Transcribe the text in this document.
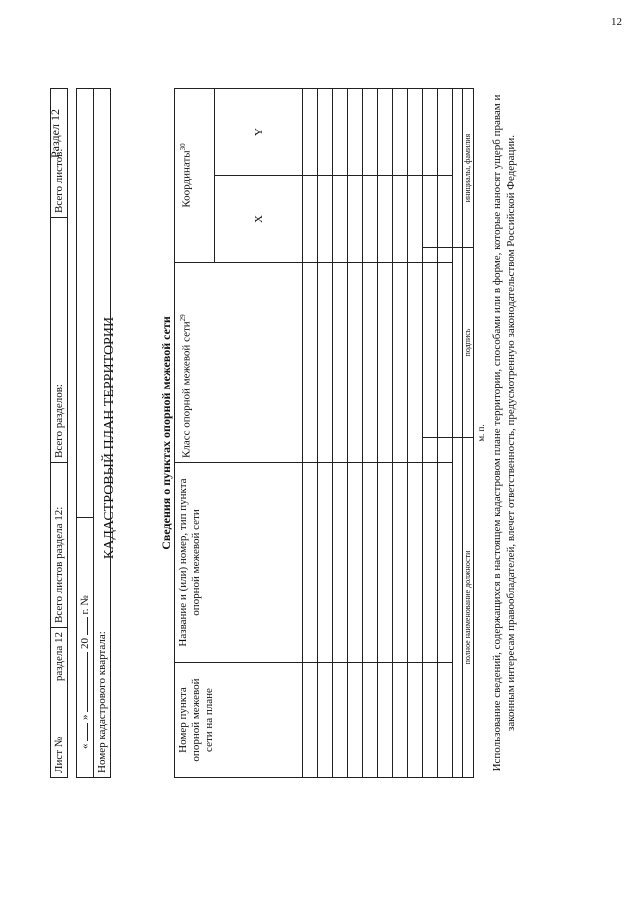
12
Раздел 12
КАДАСТРОВЫЙ ПЛАН ТЕРРИТОРИИ
Лист №
раздела 12
	Всего листов раздела 12:	Всего разделов:	Всего листов:
«  »  20  г. №	
Номер кадастрового квартала:
Сведения о пунктах опорной межевой сети
Номер пункта опорной межевой сети на плане	Название и (или) номер, тип пункта опорной межевой сети	Класс опорной межевой сети$^{29}$	Координаты$^{30}$
			X	Y

полное наименование должности	подпись	инициалы, фамилия
м. п. Использование сведений, содержащихся в настоящем кадастровом плане территории, способами или в форме, которые наносят ущерб правам и законным интересам правообладателей, влечет ответственность, предусмотренную законодательством Российской Федерации.
